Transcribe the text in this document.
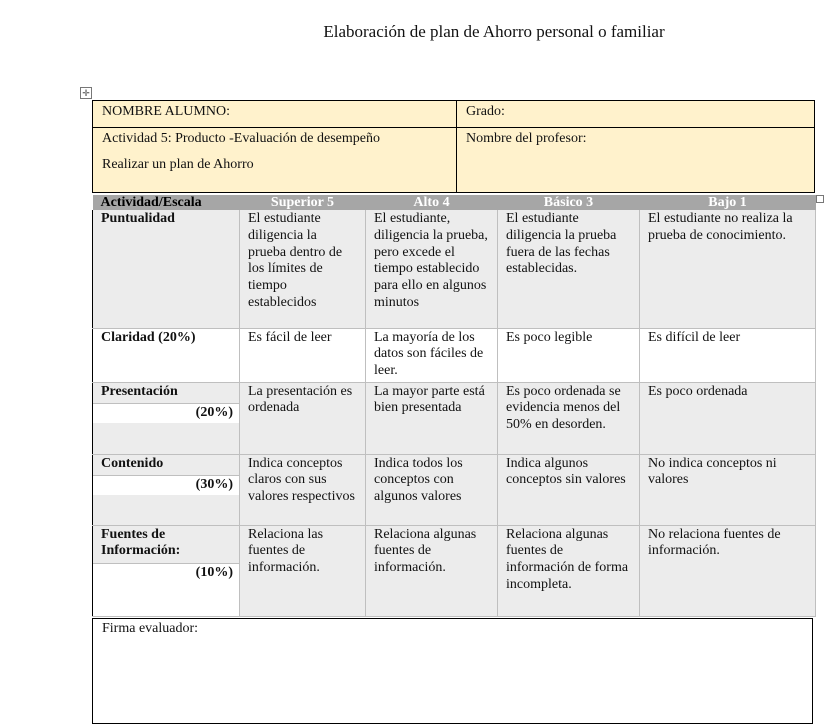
Elaboración de plan de Ahorro personal o familiar
✛
NOMBRE ALUMNO:	Grado:

Actividad 5: Producto -Evaluación de desempeño
Realizar un plan de Ahorro	Nombre del profesor:
Actividad/Escala	Superior 5	Alto 4	Básico 3	Bajo 1

Puntualidad	El estudiante diligencia la prueba dentro de los límites de tiempo establecidos	El estudiante, diligencia la prueba, pero excede el tiempo establecido para ello en algunos minutos	El estudiante diligencia la prueba fuera de las fechas establecidas.	El estudiante no realiza la prueba de conocimiento.

Claridad (20%)	Es fácil de leer	La mayoría de los datos son fáciles de leer.	Es poco legible	Es difícil de leer

Presentación
(20%)	La presentación es ordenada	La mayor parte está bien presentada	Es poco ordenada se evidencia menos del 50% en desorden.	Es poco ordenada

Contenido
(30%)	Indica conceptos claros con sus valores respectivos	Indica todos los conceptos con algunos valores	Indica algunos conceptos sin valores	No indica conceptos ni valores

Fuentes de Información:
(10%)	Relaciona las fuentes de información.	Relaciona algunas fuentes de información.	Relaciona algunas fuentes de información de forma incompleta.	No relaciona fuentes de información.
Firma evaluador:
